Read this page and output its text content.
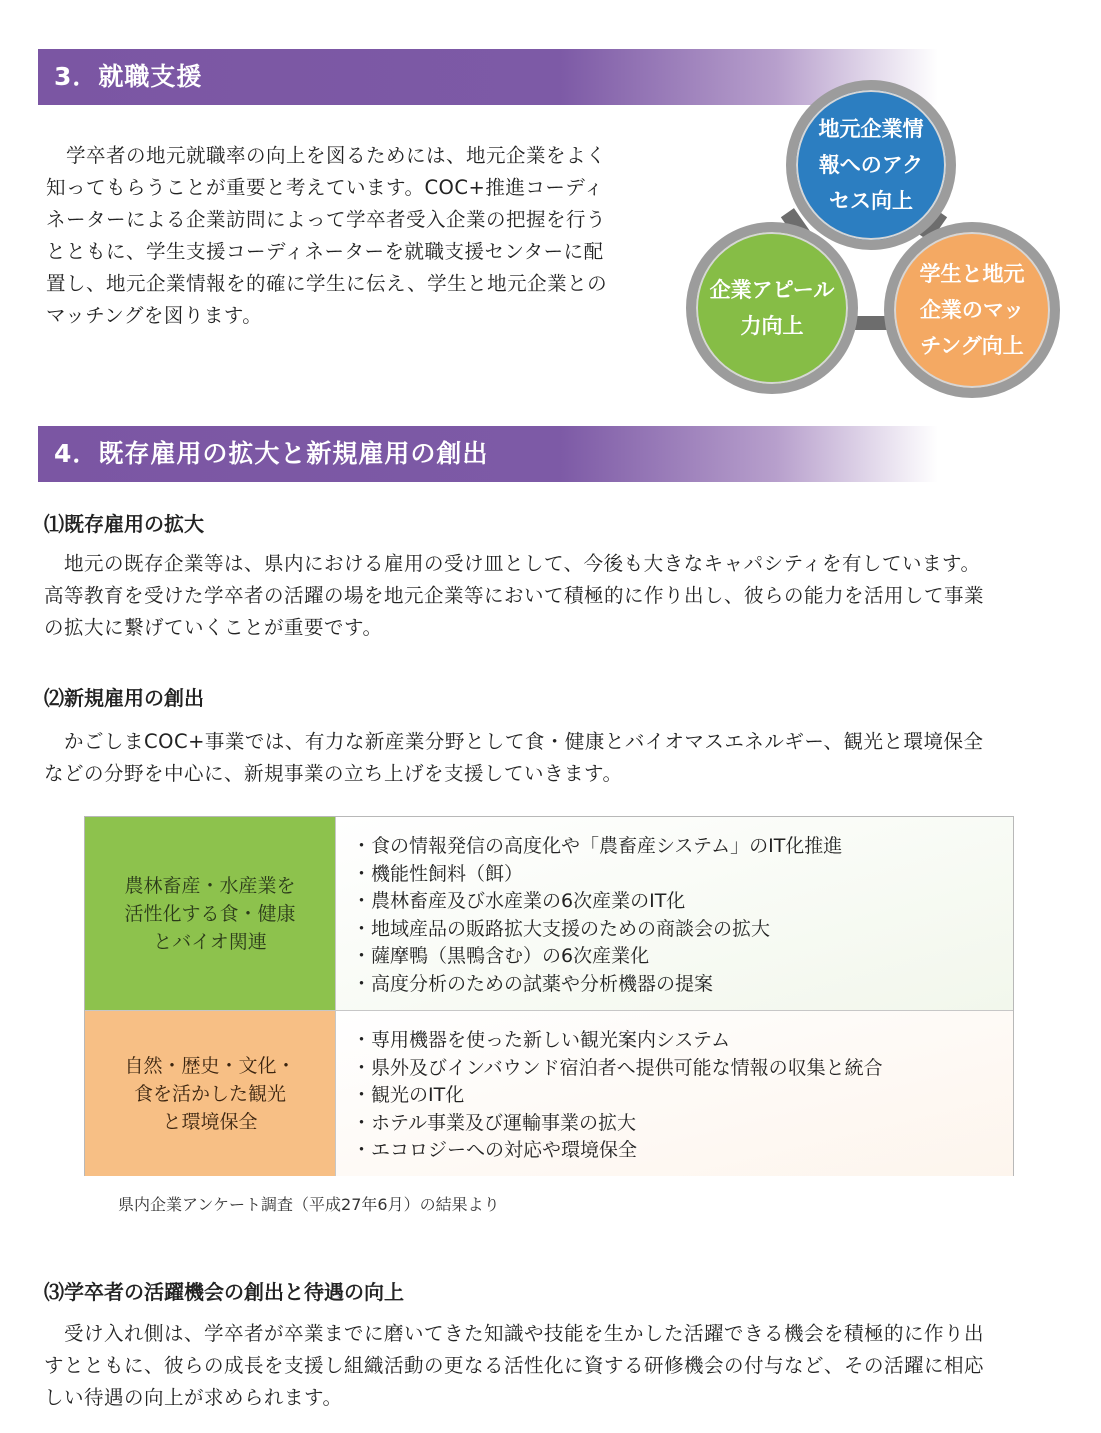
3．就職支援
　学卒者の地元就職率の向上を図るためには、地元企業をよく
知ってもらうことが重要と考えています。COC+推進コーディ
ネーターによる企業訪問によって学卒者受入企業の把握を行う
とともに、学生支援コーディネーターを就職支援センターに配
置し、地元企業情報を的確に学生に伝え、学生と地元企業との
マッチングを図ります。
地元企業情
報へのアク
セス向上
企業アピール
力向上
学生と地元
企業のマッ
チング向上
4．既存雇用の拡大と新規雇用の創出
⑴既存雇用の拡大
　地元の既存企業等は、県内における雇用の受け皿として、今後も大きなキャパシティを有しています。
高等教育を受けた学卒者の活躍の場を地元企業等において積極的に作り出し、彼らの能力を活用して事業
の拡大に繋げていくことが重要です。
⑵新規雇用の創出
　かごしまCOC+事業では、有力な新産業分野として食・健康とバイオマスエネルギー、観光と環境保全
などの分野を中心に、新規事業の立ち上げを支援していきます。
農林畜産・水産業を
活性化する食・健康
とバイオ関連
・食の情報発信の高度化や「農畜産システム」のIT化推進
・機能性飼料（餌）
・農林畜産及び水産業の6次産業のIT化
・地域産品の販路拡大支援のための商談会の拡大
・薩摩鴨（黒鴨含む）の6次産業化
・高度分析のための試薬や分析機器の提案
自然・歴史・文化・
食を活かした観光
と環境保全
・専用機器を使った新しい観光案内システム
・県外及びインバウンド宿泊者へ提供可能な情報の収集と統合
・観光のIT化
・ホテル事業及び運輸事業の拡大
・エコロジーへの対応や環境保全
県内企業アンケート調査（平成27年6月）の結果より
⑶学卒者の活躍機会の創出と待遇の向上
　受け入れ側は、学卒者が卒業までに磨いてきた知識や技能を生かした活躍できる機会を積極的に作り出
すとともに、彼らの成長を支援し組織活動の更なる活性化に資する研修機会の付与など、その活躍に相応
しい待遇の向上が求められます。
